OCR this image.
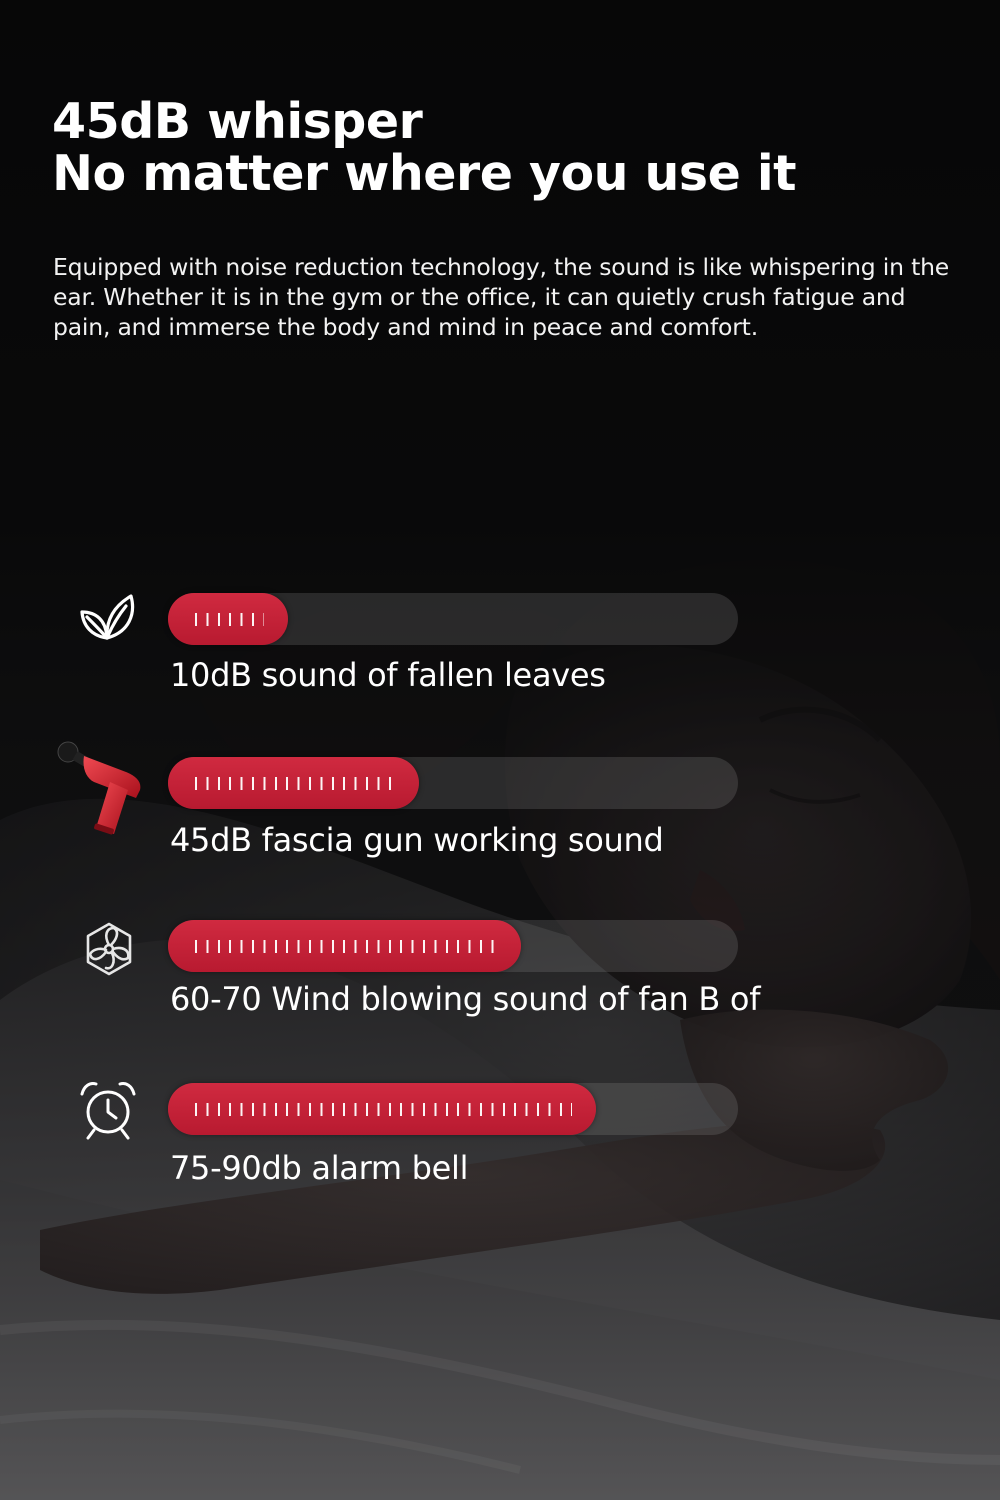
45dB whisper
No matter where you use it

Equipped with noise reduction technology, the sound is like whispering in the ear. Whether it is in the gym or the office, it can quietly crush fatigue and pain, and immerse the body and mind in peace and comfort.

10dB sound of fallen leaves
45dB fascia gun working sound
60-70 Wind blowing sound of fan B of
75-90db alarm bell
